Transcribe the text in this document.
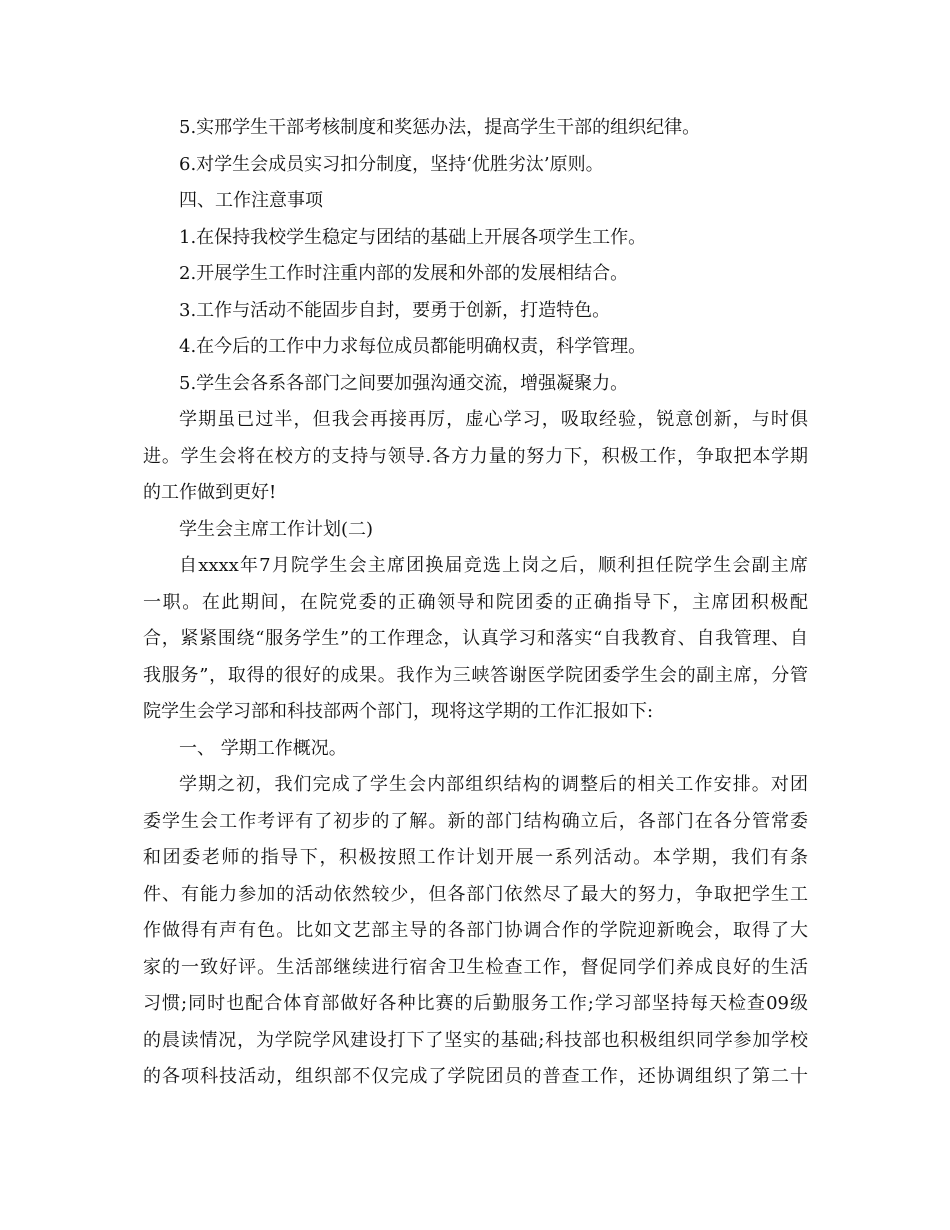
5.实邢学生干部考核制度和奖惩办法，提高学生干部的组织纪律。
6.对学生会成员实习扣分制度，坚持‘优胜劣汰’原则。
四、工作注意事项
1.在保持我校学生稳定与团结的基础上开展各项学生工作。
2.开展学生工作时注重内部的发展和外部的发展相结合。
3.工作与活动不能固步自封，要勇于创新，打造特色。
4.在今后的工作中力求每位成员都能明确权责，科学管理。
5.学生会各系各部门之间要加强沟通交流，增强凝聚力。
学期虽已过半，但我会再接再厉，虚心学习，吸取经验，锐意创新，与时俱
进。学生会将在校方的支持与领导.各方力量的努力下，积极工作，争取把本学期
的工作做到更好!
学生会主席工作计划(二)
自xxxx年7月院学生会主席团换届竞选上岗之后，顺利担任院学生会副主席
一职。在此期间，在院党委的正确领导和院团委的正确指导下，主席团积极配
合，紧紧围绕“服务学生”的工作理念，认真学习和落实“自我教育、自我管理、自
我服务”，取得的很好的成果。我作为三峡答谢医学院团委学生会的副主席，分管
院学生会学习部和科技部两个部门，现将这学期的工作汇报如下:
一、 学期工作概况。
学期之初，我们完成了学生会内部组织结构的调整后的相关工作安排。对团
委学生会工作考评有了初步的了解。新的部门结构确立后，各部门在各分管常委
和团委老师的指导下，积极按照工作计划开展一系列活动。本学期，我们有条
件、有能力参加的活动依然较少，但各部门依然尽了最大的努力，争取把学生工
作做得有声有色。比如文艺部主导的各部门协调合作的学院迎新晚会，取得了大
家的一致好评。生活部继续进行宿舍卫生检查工作，督促同学们养成良好的生活
习惯;同时也配合体育部做好各种比赛的后勤服务工作;学习部坚持每天检查09级
的晨读情况，为学院学风建设打下了坚实的基础;科技部也积极组织同学参加学校
的各项科技活动，组织部不仅完成了学院团员的普查工作，还协调组织了第二十
